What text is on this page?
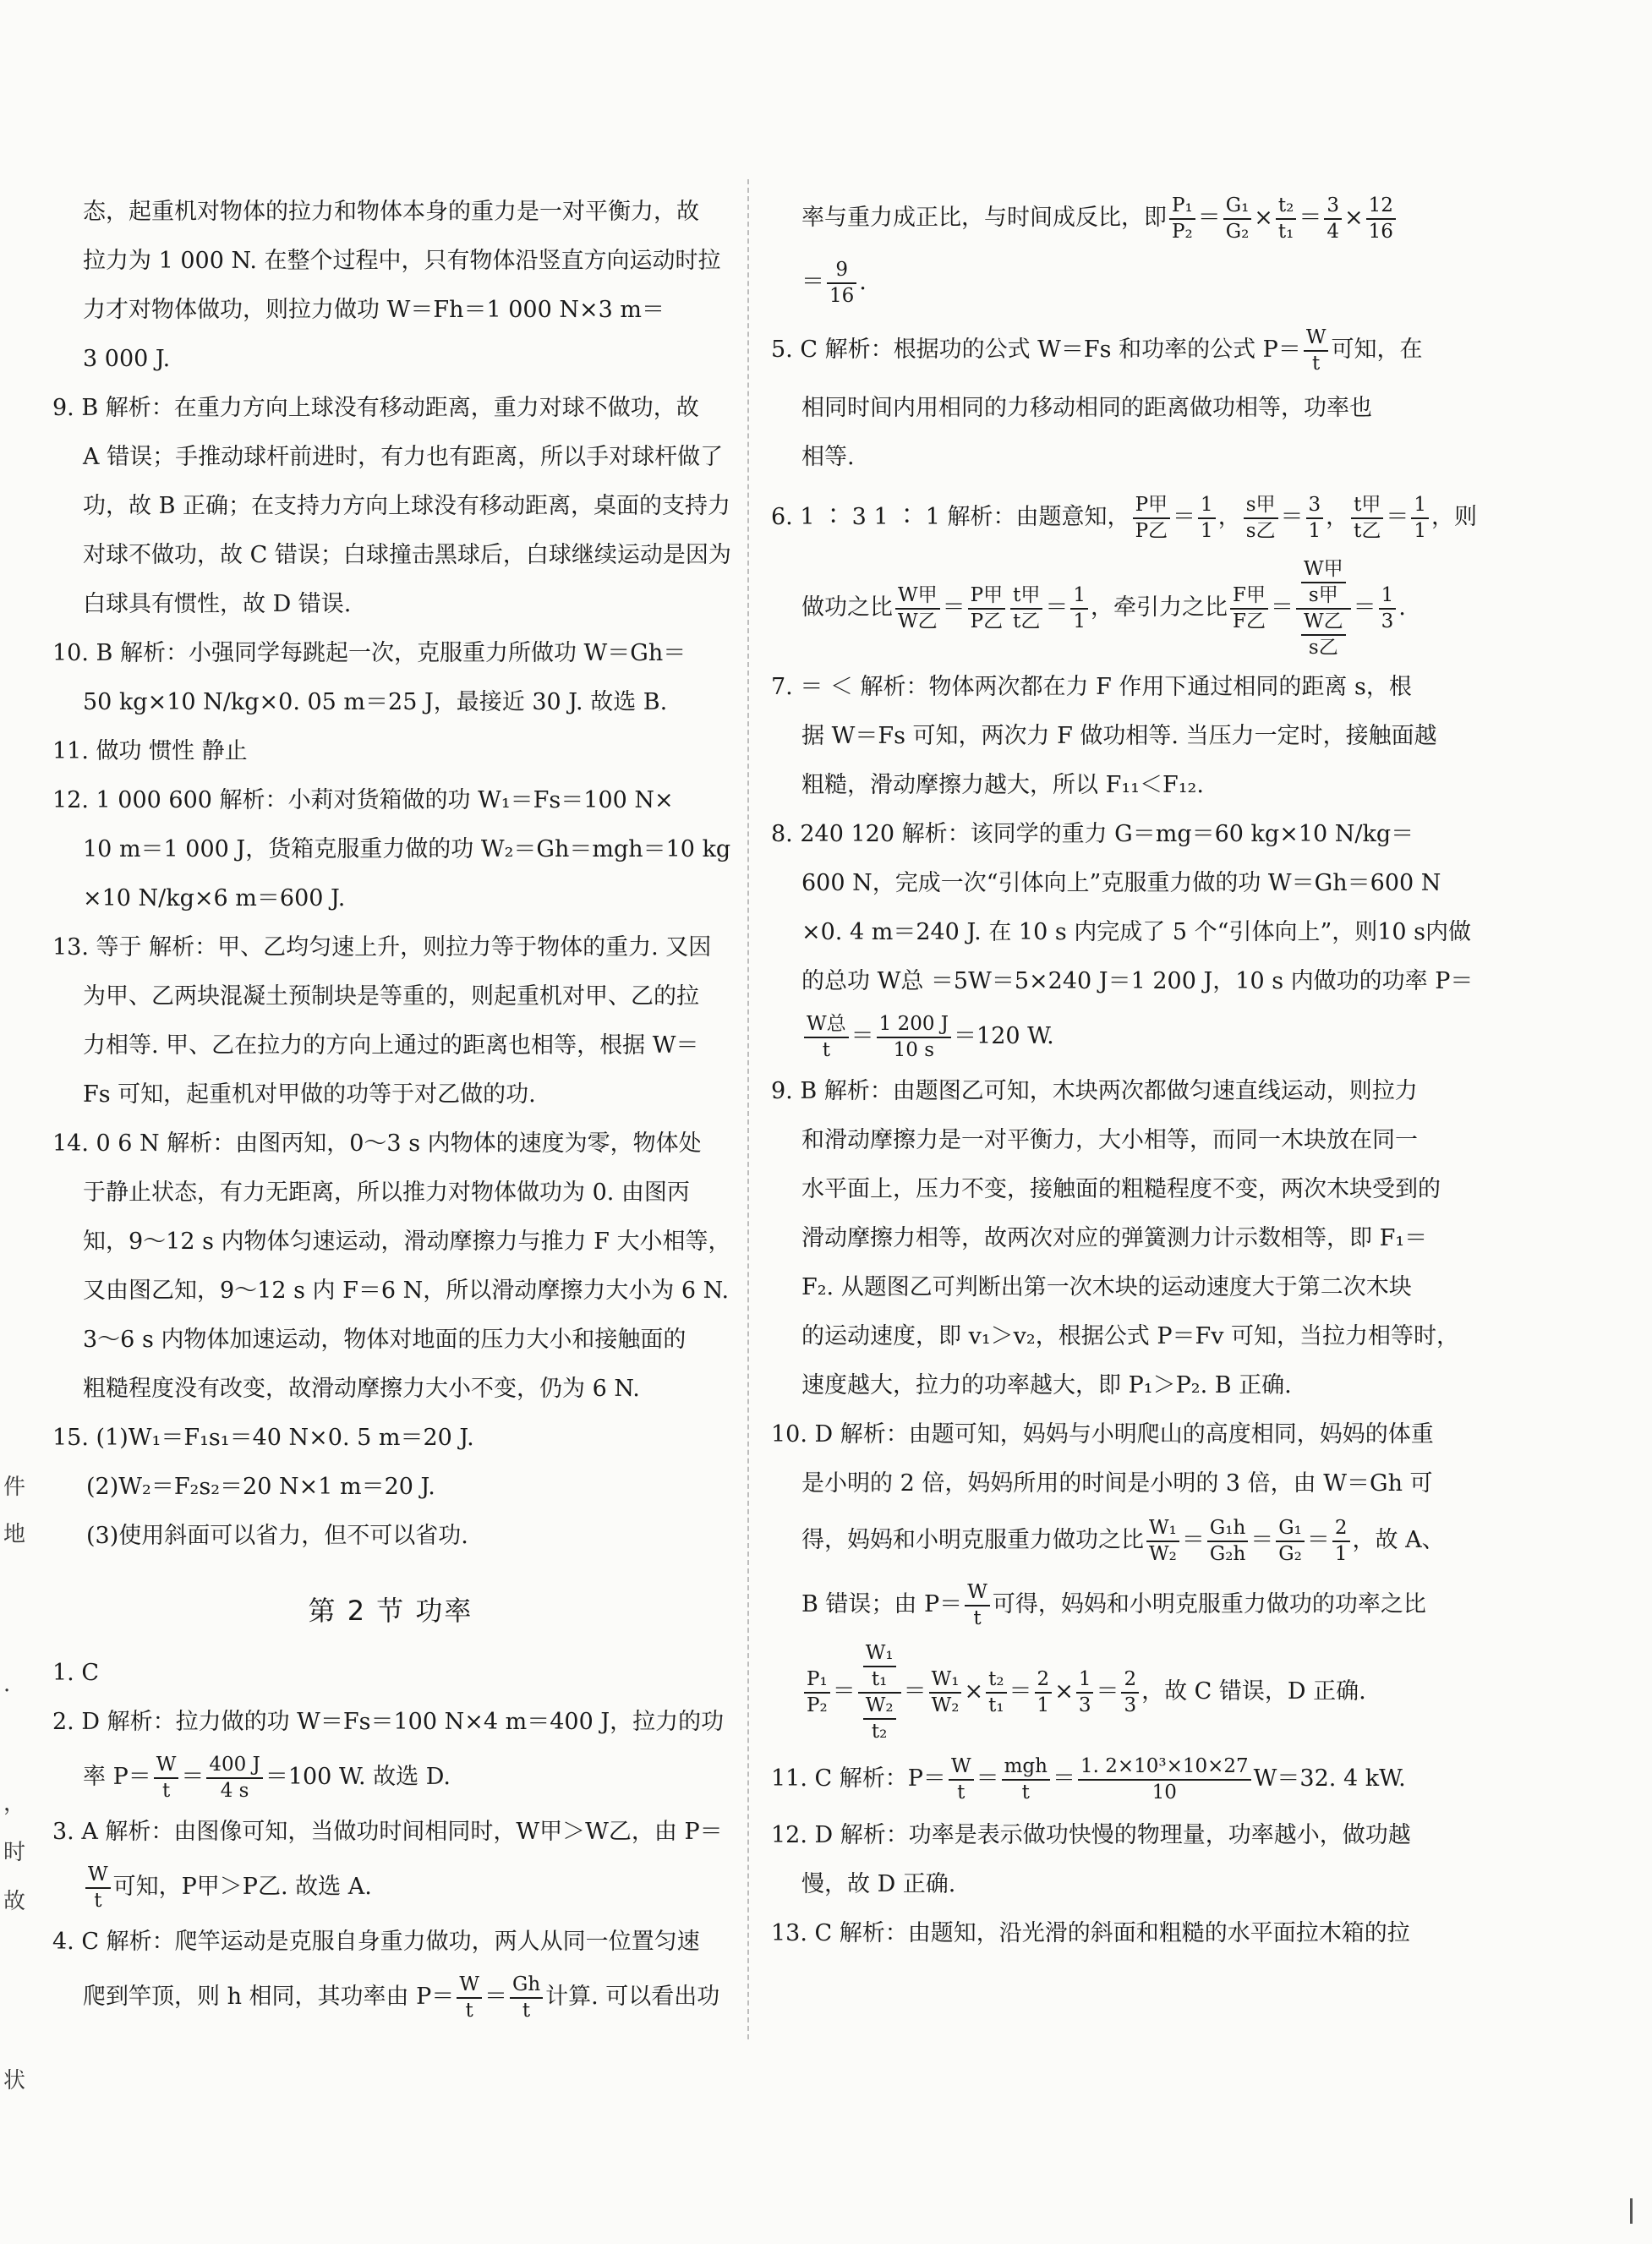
件
地
·
，
时
故
状
态，起重机对物体的拉力和物体本身的重力是一对平衡力，故
拉力为 1 000 N. 在整个过程中，只有物体沿竖直方向运动时拉
力才对物体做功，则拉力做功 W＝Fh＝1 000 N×3 m＝
3 000 J.
9. B 解析：在重力方向上球没有移动距离，重力对球不做功，故
A 错误；手推动球杆前进时，有力也有距离，所以手对球杆做了
功，故 B 正确；在支持力方向上球没有移动距离，桌面的支持力
对球不做功，故 C 错误；白球撞击黑球后，白球继续运动是因为
白球具有惯性，故 D 错误.
10. B 解析：小强同学每跳起一次，克服重力所做功 W＝Gh＝
50 kg×10 N/kg×0. 05 m＝25 J，最接近 30 J. 故选 B.
11. 做功 惯性 静止
12. 1 000 600 解析：小莉对货箱做的功 W₁＝Fs＝100 N×
10 m＝1 000 J，货箱克服重力做的功 W₂＝Gh＝mgh＝10 kg
×10 N/kg×6 m＝600 J.
13. 等于 解析：甲、乙均匀速上升，则拉力等于物体的重力. 又因
为甲、乙两块混凝土预制块是等重的，则起重机对甲、乙的拉
力相等. 甲、乙在拉力的方向上通过的距离也相等，根据 W＝
Fs 可知，起重机对甲做的功等于对乙做的功.
14. 0 6 N 解析：由图丙知，0～3 s 内物体的速度为零，物体处
于静止状态，有力无距离，所以推力对物体做功为 0. 由图丙
知，9～12 s 内物体匀速运动，滑动摩擦力与推力 F 大小相等，
又由图乙知，9～12 s 内 F＝6 N，所以滑动摩擦力大小为 6 N.
3～6 s 内物体加速运动，物体对地面的压力大小和接触面的
粗糙程度没有改变，故滑动摩擦力大小不变，仍为 6 N.
15. (1)W₁＝F₁s₁＝40 N×0. 5 m＝20 J.
(2)W₂＝F₂s₂＝20 N×1 m＝20 J.
(3)使用斜面可以省力，但不可以省功.
第 2 节 功率
1. C
2. D 解析：拉力做的功 W＝Fs＝100 N×4 m＝400 J，拉力的功
率 $P= \frac{W}{t} = \frac{400 J}{4 s} =100$ W. 故选 D.
3. A 解析：由图像可知，当做功时间相同时，W甲＞W乙，由 P＝
$\frac{W}{t}$ 可知，P甲＞P乙. 故选 A.
4. C 解析：爬竿运动是克服自身重力做功，两人从同一位置匀速
爬到竿顶，则 h 相同，其功率由 $P= \frac{W}{t} = \frac{Gh}{t}$ 计算. 可以看出功
率与重力成正比，与时间成反比，即 $\frac{\text{P₁}}{\text{P₂}} = \frac{\text{G₁}}{\text{G₂}} \times \frac{\text{t₂}}{\text{t₁}} = \frac{3}{4} \times \frac{12}{16}$
＝ $\frac{9}{16}$ .
5. C 解析：根据功的公式 W＝Fs 和功率的公式 $P= \frac{W}{t}$ 可知，在
相同时间内用相同的力移动相同的距离做功相等，功率也
相等.
6. 1 ∶ 3 1 ∶ 1 解析：由题意知， $\frac{\text{P甲}}{\text{P乙}} = \frac{1}{1}$ ， $\frac{\text{s甲}}{\text{s乙}} = \frac{3}{1}$ ， $\frac{\text{t甲}}{\text{t乙}} = \frac{1}{1}$ ，则
做功之比 $\frac{\text{W甲}}{\text{W乙}} = \frac{\text{P甲}}{\text{P乙}} \frac{\text{t甲}}{\text{t乙}} = \frac{1}{1}$ ，牵引力之比 $\frac{\text{F甲}}{\text{F乙}} = \frac{\frac{\text{W甲}}{\text{s甲}}}{\frac{\text{W乙}}{\text{s乙}}} = \frac{1}{3}$ .
7. ＝ ＜ 解析：物体两次都在力 F 作用下通过相同的距离 s，根
据 W＝Fs 可知，两次力 F 做功相等. 当压力一定时，接触面越
粗糙，滑动摩擦力越大，所以 F₁₁＜F₁₂.
8. 240 120 解析：该同学的重力 G＝mg＝60 kg×10 N/kg＝
600 N，完成一次“引体向上”克服重力做的功 W＝Gh＝600 N
×0. 4 m＝240 J. 在 10 s 内完成了 5 个“引体向上”，则10 s内做
的总功 W总 ＝5W＝5×240 J＝1 200 J，10 s 内做功的功率 P＝
$\frac{\text{W总}}{t} = \frac{1 200 J}{10 s} =120$ W.
9. B 解析：由题图乙可知，木块两次都做匀速直线运动，则拉力
和滑动摩擦力是一对平衡力，大小相等，而同一木块放在同一
水平面上，压力不变，接触面的粗糙程度不变，两次木块受到的
滑动摩擦力相等，故两次对应的弹簧测力计示数相等，即 F₁＝
F₂. 从题图乙可判断出第一次木块的运动速度大于第二次木块
的运动速度，即 v₁＞v₂，根据公式 P＝Fv 可知，当拉力相等时，
速度越大，拉力的功率越大，即 P₁＞P₂. B 正确.
10. D 解析：由题可知，妈妈与小明爬山的高度相同，妈妈的体重
是小明的 2 倍，妈妈所用的时间是小明的 3 倍，由 W＝Gh 可
得，妈妈和小明克服重力做功之比 $\frac{\text{W₁}}{\text{W₂}} = \frac{\text{G₁h}}{\text{G₂h}} = \frac{\text{G₁}}{\text{G₂}} = \frac{2}{1}$ ，故 A、
B 错误；由 $P= \frac{W}{t}$ 可得，妈妈和小明克服重力做功的功率之比
$\frac{\text{P₁}}{\text{P₂}} = \frac{\frac{\text{W₁}}{\text{t₁}}}{\frac{\text{W₂}}{\text{t₂}}} = \frac{\text{W₁}}{\text{W₂}} \times \frac{\text{t₂}}{\text{t₁}} = \frac{2}{1} \times \frac{1}{3} = \frac{2}{3}$ ，故 C 错误，D 正确.
11. C 解析：$P= \frac{W}{t} = \frac{\text{mgh}}{t} = \frac{\text{1. 2×10³×10×27}}{10} W=32$. 4 kW.
12. D 解析：功率是表示做功快慢的物理量，功率越小，做功越
慢，故 D 正确.
13. C 解析：由题知，沿光滑的斜面和粗糙的水平面拉木箱的拉
